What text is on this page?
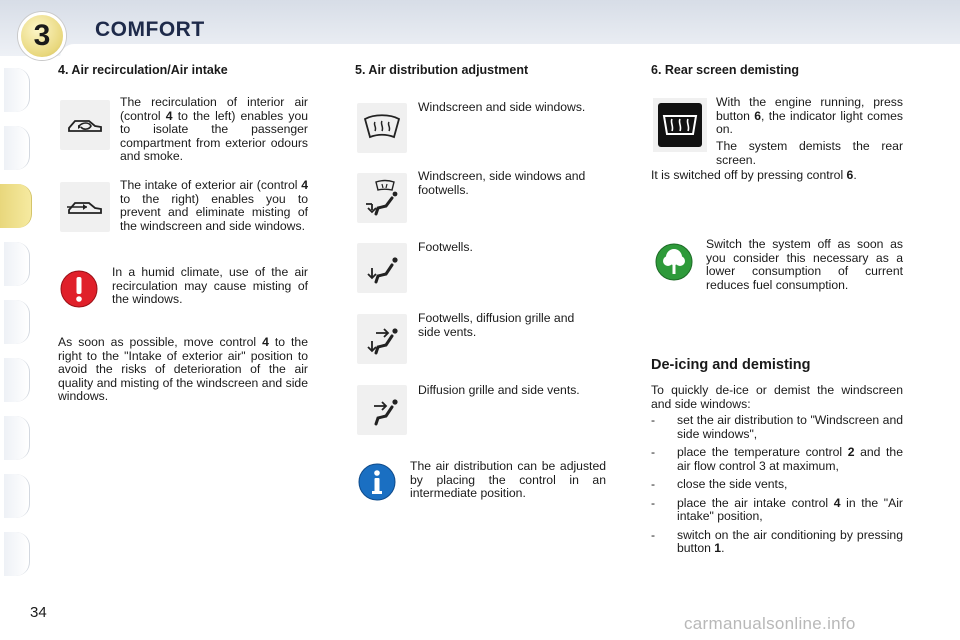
3	COMFORT
4. Air recirculation/Air intake
The recirculation of interior air (control 4 to the left) enables you to isolate the passenger compartment from exterior odours and smoke.
The intake of exterior air (control 4 to the right) enables you to prevent and eliminate misting of the windscreen and side windows.
In a humid climate, use of the air recirculation may cause misting of the windows.
As soon as possible, move control 4 to the right to the "Intake of exterior air" position to avoid the risks of deterioration of the air quality and misting of the windscreen and side windows.
5. Air distribution adjustment
Windscreen and side windows.
Windscreen, side windows and footwells.
Footwells.
Footwells, diffusion grille and side vents.
Diffusion grille and side vents.
The air distribution can be adjusted by placing the control in an intermediate position.
6. Rear screen demisting
With the engine running, press button 6, the indicator light comes on.
The system demists the rear screen.
It is switched off by pressing control 6.
Switch the system off as soon as you consider this necessary as a lower consumption of current reduces fuel consumption.
De-icing and demisting
To quickly de-ice or demist the windscreen and side windows:
- set the air distribution to "Windscreen and side windows",
- place the temperature control 2 and the air flow control 3 at maximum,
- close the side vents,
- place the air intake control 4 in the "Air intake" position,
- switch on the air conditioning by pressing button 1.
34
carmanualsonline.info
